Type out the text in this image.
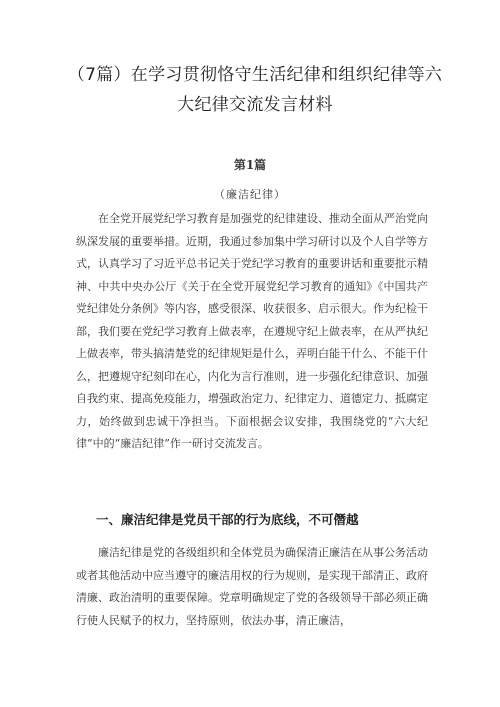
（7篇）在学习贯彻恪守生活纪律和组织纪律等六大纪律交流发言材料
第1篇
（廉洁纪律）

在全党开展党纪学习教育是加强党的纪律建设、推动全面从严治党向纵深发展的重要举措。近期，我通过参加集中学习研讨以及个人自学等方式，认真学习了习近平总书记关于党纪学习教育的重要讲话和重要批示精神、中共中央办公厅《关于在全党开展党纪学习教育的通知》《中国共产党纪律处分条例》等内容，感受很深、收获很多、启示很大。作为纪检干部，我们要在党纪学习教育上做表率，在遵规守纪上做表率，在从严执纪上做表率，带头搞清楚党的纪律规矩是什么，弄明白能干什么、不能干什么，把遵规守纪刻印在心，内化为言行准则，进一步强化纪律意识、加强自我约束、提高免疫能力，增强政治定力、纪律定力、道德定力、抵腐定力，始终做到忠诚干净担当。下面根据会议安排，我围绕党的“六大纪律”中的“廉洁纪律”作一研讨交流发言。

一、廉洁纪律是党员干部的行为底线，不可僭越

廉洁纪律是党的各级组织和全体党员为确保清正廉洁在从事公务活动或者其他活动中应当遵守的廉洁用权的行为规则，是实现干部清正、政府清廉、政治清明的重要保障。党章明确规定了党的各级领导干部必须正确行使人民赋予的权力，坚持原则，依法办事，清正廉洁，
